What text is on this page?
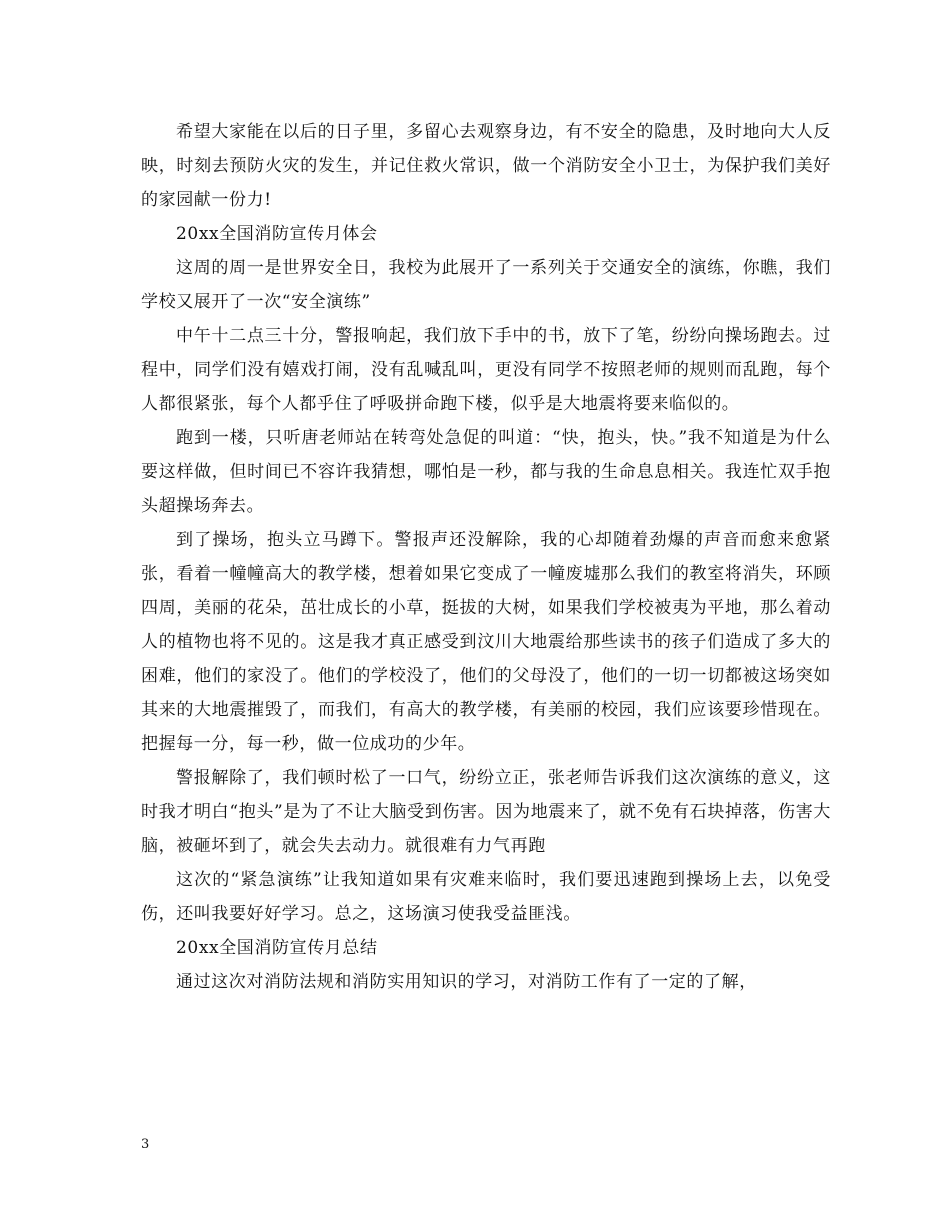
希望大家能在以后的日子里，多留心去观察身边，有不安全的隐患，及时地向大人反映，时刻去预防火灾的发生，并记住救火常识，做一个消防安全小卫士，为保护我们美好的家园献一份力!

20xx全国消防宣传月体会

这周的周一是世界安全日，我校为此展开了一系列关于交通安全的演练，你瞧，我们学校又展开了一次“安全演练”

中午十二点三十分，警报响起，我们放下手中的书，放下了笔，纷纷向操场跑去。过程中，同学们没有嬉戏打闹，没有乱喊乱叫，更没有同学不按照老师的规则而乱跑，每个人都很紧张，每个人都乎住了呼吸拼命跑下楼，似乎是大地震将要来临似的。

跑到一楼，只听唐老师站在转弯处急促的叫道：“快，抱头，快。”我不知道是为什么要这样做，但时间已不容许我猜想，哪怕是一秒，都与我的生命息息相关。我连忙双手抱头超操场奔去。

到了操场，抱头立马蹲下。警报声还没解除，我的心却随着劲爆的声音而愈来愈紧张，看着一幢幢高大的教学楼，想着如果它变成了一幢废墟那么我们的教室将消失，环顾四周，美丽的花朵，茁壮成长的小草，挺拔的大树，如果我们学校被夷为平地，那么着动人的植物也将不见的。这是我才真正感受到汶川大地震给那些读书的孩子们造成了多大的困难，他们的家没了。他们的学校没了，他们的父母没了，他们的一切一切都被这场突如其来的大地震摧毁了，而我们，有高大的教学楼，有美丽的校园，我们应该要珍惜现在。把握每一分，每一秒，做一位成功的少年。

警报解除了，我们顿时松了一口气，纷纷立正，张老师告诉我们这次演练的意义，这时我才明白“抱头”是为了不让大脑受到伤害。因为地震来了，就不免有石块掉落，伤害大脑，被砸坏到了，就会失去动力。就很难有力气再跑

这次的“紧急演练”让我知道如果有灾难来临时，我们要迅速跑到操场上去，以免受伤，还叫我要好好学习。总之，这场演习使我受益匪浅。

20xx全国消防宣传月总结

通过这次对消防法规和消防实用知识的学习，对消防工作有了一定的了解，

3
